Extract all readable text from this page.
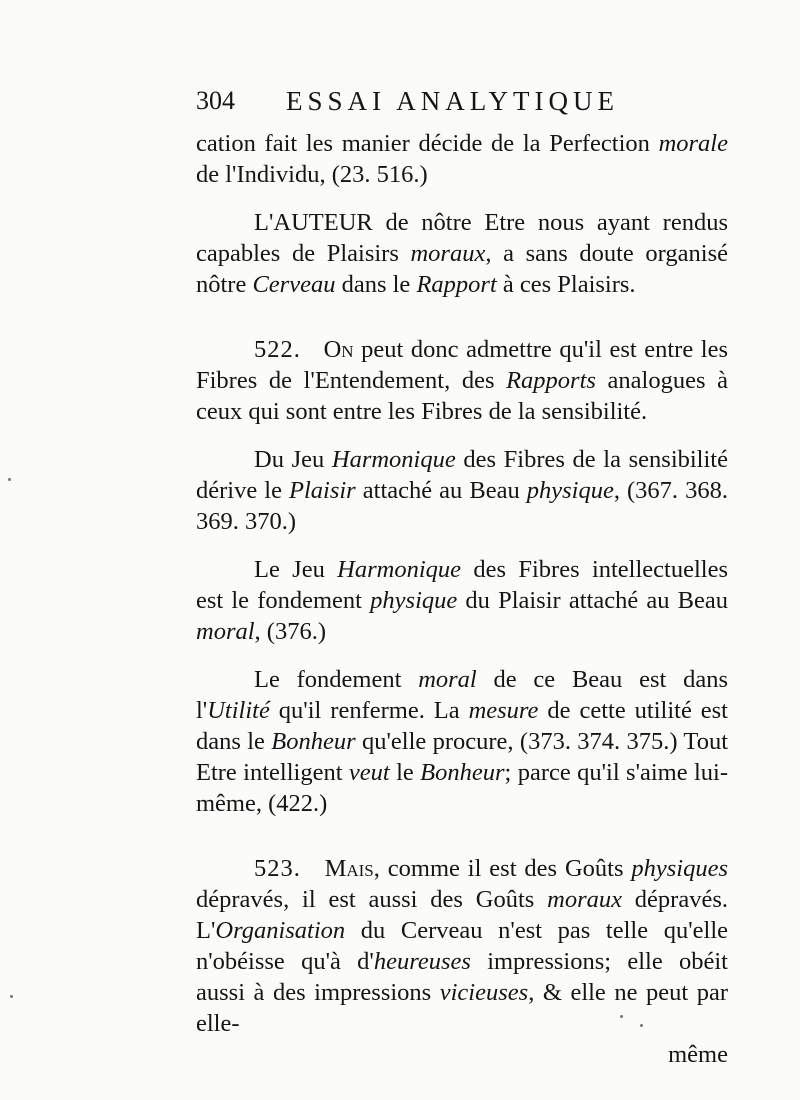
304 ESSAI ANALYTIQUE

cation fait les manier décide de la Perfection morale de l'Individu, (23. 516.)

L'AUTEUR de nôtre Etre nous ayant rendus capables de Plaisirs moraux, a sans doute organisé nôtre Cerveau dans le Rapport à ces Plaisirs.

522. On peut donc admettre qu'il est entre les Fibres de l'Entendement, des Rapports analogues à ceux qui sont entre les Fibres de la sensibilité.

Du Jeu Harmonique des Fibres de la sensibilité dérive le Plaisir attaché au Beau physique, (367. 368. 369. 370.)

Le Jeu Harmonique des Fibres intellectuelles est le fondement physique du Plaisir attaché au Beau moral, (376.)

Le fondement moral de ce Beau est dans l'Utilité qu'il renferme. La mesure de cette utilité est dans le Bonheur qu'elle procure, (373. 374. 375.) Tout Etre intelligent veut le Bonheur; parce qu'il s'aime lui-même, (422.)

523. Mais, comme il est des Goûts physiques dépravés, il est aussi des Goûts moraux dépravés. L'Organisation du Cerveau n'est pas telle qu'elle n'obéisse qu'à d'heureuses impressions; elle obéit aussi à des impressions vicieuses, & elle ne peut par elle-

même
